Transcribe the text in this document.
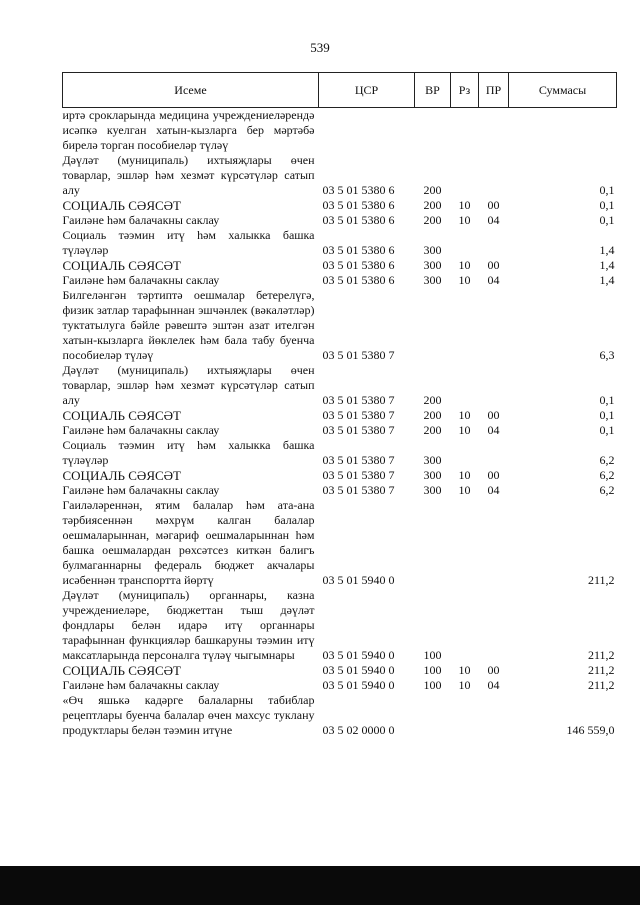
539
Исеме	ЦСР	ВР	Рз	ПР	Суммасы
иртә срокларында медицина учреждениеләрендә исәпкә куелган хатын-кызларга бер мәртәбә бирелә торган пособиеләр түләү					
Дәүләт (муниципаль) ихтыяҗлары өчен товарлар, эшләр һәм хезмәт күрсәтүләр сатып алу	03 5 01 5380 6	200			0,1
СОЦИАЛЬ СӘЯСӘТ	03 5 01 5380 6	200	10	00	0,1
Гаиләне һәм балачакны саклау	03 5 01 5380 6	200	10	04	0,1
Социаль тәэмин итү һәм халыкка башка түләүләр	03 5 01 5380 6	300			1,4
СОЦИАЛЬ СӘЯСӘТ	03 5 01 5380 6	300	10	00	1,4
Гаиләне һәм балачакны саклау	03 5 01 5380 6	300	10	04	1,4
Билгеләнгән тәртиптә оешмалар бетерелүгә, физик затлар тарафыннан эшчәнлек (вәкаләтләр) туктатылуга бәйле рәвештә эштән азат ителгән хатын-кызларга йөклелек һәм бала табу буенча пособиеләр түләү	03 5 01 5380 7				6,3
Дәүләт (муниципаль) ихтыяҗлары өчен товарлар, эшләр һәм хезмәт күрсәтүләр сатып алу	03 5 01 5380 7	200			0,1
СОЦИАЛЬ СӘЯСӘТ	03 5 01 5380 7	200	10	00	0,1
Гаиләне һәм балачакны саклау	03 5 01 5380 7	200	10	04	0,1
Социаль тәэмин итү һәм халыкка башка түләүләр	03 5 01 5380 7	300			6,2
СОЦИАЛЬ СӘЯСӘТ	03 5 01 5380 7	300	10	00	6,2
Гаиләне һәм балачакны саклау	03 5 01 5380 7	300	10	04	6,2
Гаиләләреннән, ятим балалар һәм ата-ана тәрбиясеннән мәхрүм калган балалар оешмаларыннан, мәгариф оешмаларыннан һәм башка оешмалардан рөхсәтсез киткән балигъ булмаганнарны федераль бюджет акчалары исәбеннән транспортта йөртү	03 5 01 5940 0				211,2
Дәүләт (муниципаль) органнары, казна учреждениеләре, бюджеттан тыш дәүләт фондлары белән идарә итү органнары тарафыннан функцияләр башкаруны тәэмин итү максатларында персоналга түләү чыгымнары	03 5 01 5940 0	100			211,2
СОЦИАЛЬ СӘЯСӘТ	03 5 01 5940 0	100	10	00	211,2
Гаиләне һәм балачакны саклау	03 5 01 5940 0	100	10	04	211,2
«Өч яшькә кадәрге балаларны табиблар рецептлары буенча балалар өчен махсус туклану продуктлары белән тәэмин итүне	03 5 02 0000 0				146 559,0
